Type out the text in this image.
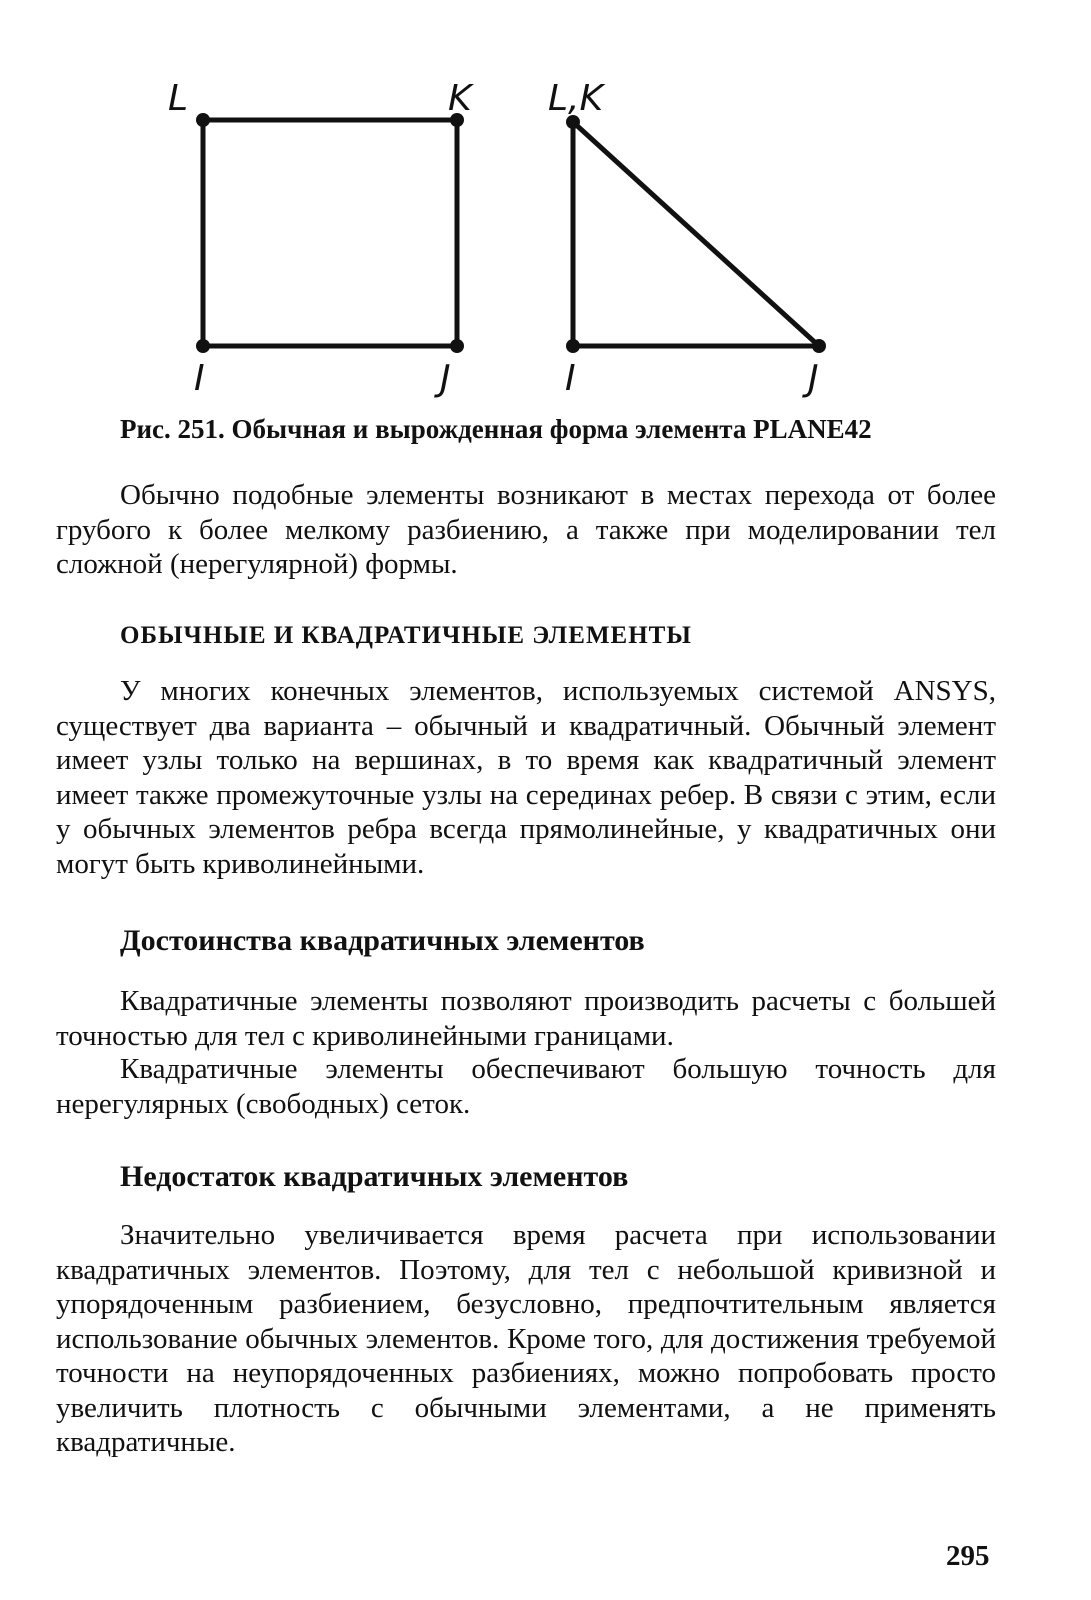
L	K
I	J
L,K
I	J
Рис. 251. Обычная и вырожденная форма элемента PLANE42

Обычно подобные элементы возникают в местах перехода от более грубого к более мелкому разбиению, а также при моделировании тел сложной (нерегулярной) формы.

ОБЫЧНЫЕ И КВАДРАТИЧНЫЕ ЭЛЕМЕНТЫ

У многих конечных элементов, используемых системой ANSYS, существует два варианта – обычный и квадратичный. Обычный элемент имеет узлы только на вершинах, в то время как квадратичный элемент имеет также промежуточные узлы на серединах ребер. В связи с этим, если у обычных элементов ребра всегда прямолинейные, у квадратичных они могут быть криволинейными.

Достоинства квадратичных элементов

Квадратичные элементы позволяют производить расчеты с большей точностью для тел с криволинейными границами.

Квадратичные элементы обеспечивают большую точность для нерегулярных (свободных) сеток.

Недостаток квадратичных элементов

Значительно увеличивается время расчета при использовании квадратичных элементов. Поэтому, для тел с небольшой кривизной и упорядоченным разбиением, безусловно, предпочтительным является использование обычных элементов. Кроме того, для достижения требуемой точности на неупорядоченных разбиениях, можно попробовать просто увеличить плотность с обычными элементами, а не применять квадратичные.

295
